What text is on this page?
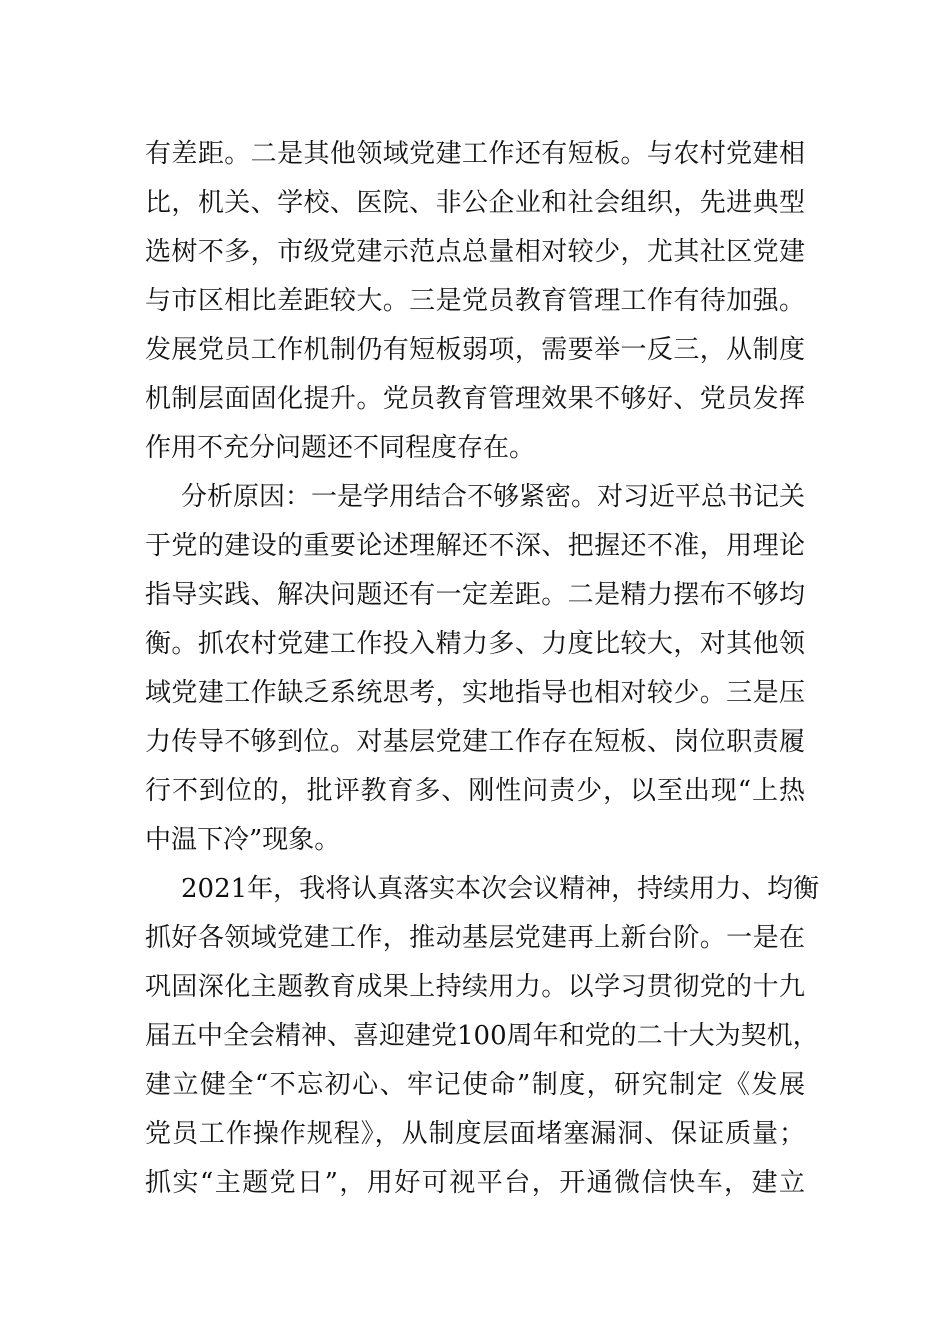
有差距。二是其他领域党建工作还有短板。与农村党建相
比，机关、学校、医院、非公企业和社会组织，先进典型
选树不多，市级党建示范点总量相对较少，尤其社区党建
与市区相比差距较大。三是党员教育管理工作有待加强。
发展党员工作机制仍有短板弱项，需要举一反三，从制度
机制层面固化提升。党员教育管理效果不够好、党员发挥
作用不充分问题还不同程度存在。
分析原因：一是学用结合不够紧密。对习近平总书记关
于党的建设的重要论述理解还不深、把握还不准，用理论
指导实践、解决问题还有一定差距。二是精力摆布不够均
衡。抓农村党建工作投入精力多、力度比较大，对其他领
域党建工作缺乏系统思考，实地指导也相对较少。三是压
力传导不够到位。对基层党建工作存在短板、岗位职责履
行不到位的，批评教育多、刚性问责少，以至出现“上热
中温下冷”现象。
2021年，我将认真落实本次会议精神，持续用力、均衡
抓好各领域党建工作，推动基层党建再上新台阶。一是在
巩固深化主题教育成果上持续用力。以学习贯彻党的十九
届五中全会精神、喜迎建党100周年和党的二十大为契机，
建立健全“不忘初心、牢记使命”制度，研究制定《发展
党员工作操作规程》，从制度层面堵塞漏洞、保证质量；
抓实“主题党日”，用好可视平台，开通微信快车，建立
